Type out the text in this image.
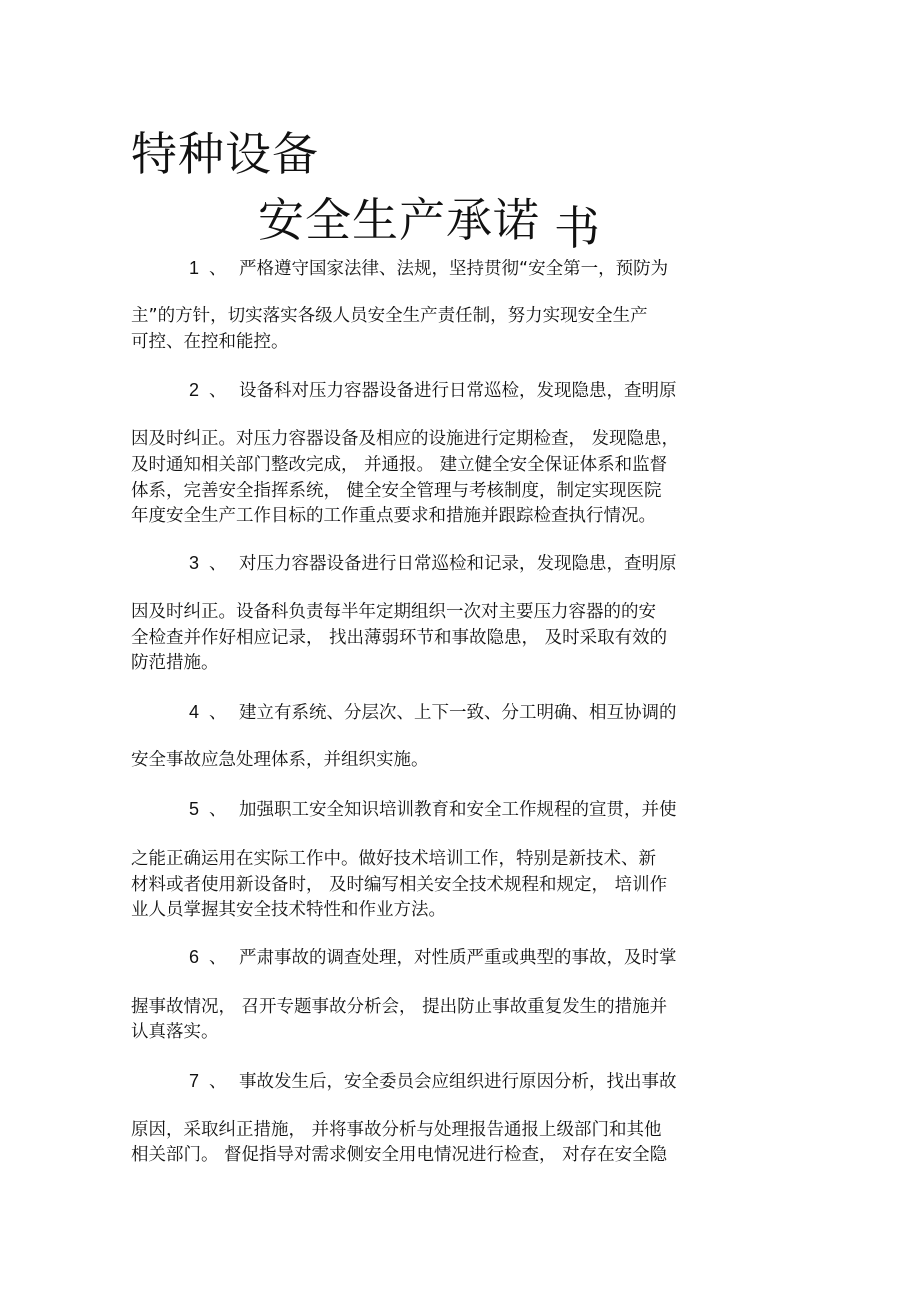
特种设备
安全生产承诺 书
1 、 严格遵守国家法律、法规，坚持贯彻“安全第一，预防为
主”的方针，切实落实各级人员安全生产责任制，努力实现安全生产
可控、在控和能控。
2 、 设备科对压力容器设备进行日常巡检，发现隐患，查明原
因及时纠正。对压力容器设备及相应的设施进行定期检查， 发现隐患，
及时通知相关部门整改完成， 并通报。 建立健全安全保证体系和监督
体系，完善安全指挥系统， 健全安全管理与考核制度，制定实现医院
年度安全生产工作目标的工作重点要求和措施并跟踪检查执行情况。
3 、 对压力容器设备进行日常巡检和记录，发现隐患，查明原
因及时纠正。设备科负责每半年定期组织一次对主要压力容器的的安
全检查并作好相应记录， 找出薄弱环节和事故隐患， 及时采取有效的
防范措施。
4 、 建立有系统、分层次、上下一致、分工明确、相互协调的
安全事故应急处理体系，并组织实施。
5 、 加强职工安全知识培训教育和安全工作规程的宣贯，并使
之能正确运用在实际工作中。做好技术培训工作，特别是新技术、新
材料或者使用新设备时， 及时编写相关安全技术规程和规定， 培训作
业人员掌握其安全技术特性和作业方法。
6 、 严肃事故的调查处理，对性质严重或典型的事故，及时掌
握事故情况， 召开专题事故分析会， 提出防止事故重复发生的措施并
认真落实。
7 、 事故发生后，安全委员会应组织进行原因分析，找出事故
原因，采取纠正措施， 并将事故分析与处理报告通报上级部门和其他
相关部门。 督促指导对需求侧安全用电情况进行检查， 对存在安全隐
